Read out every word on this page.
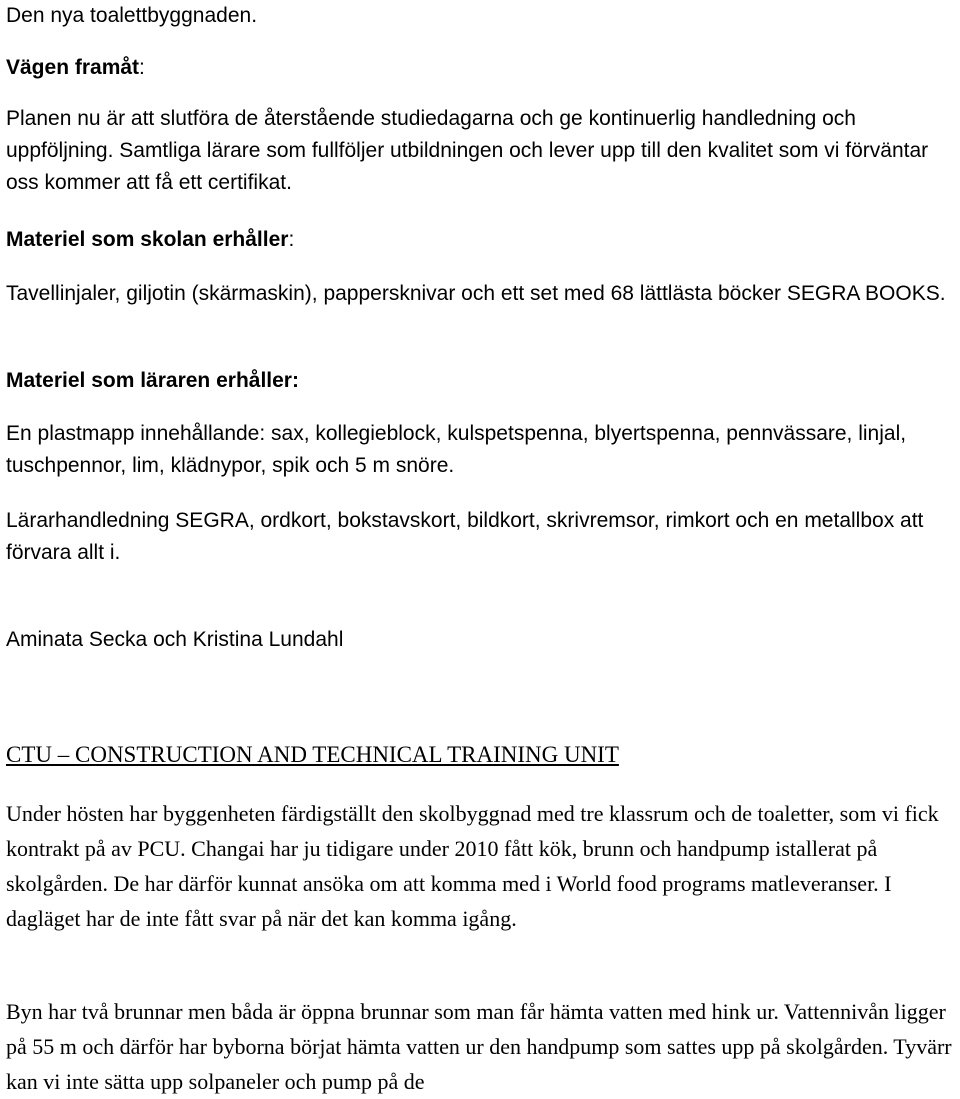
Den nya toalettbyggnaden.

Vägen framåt:

Planen nu är att slutföra de återstående studiedagarna och ge kontinuerlig handledning och uppföljning. Samtliga lärare som fullföljer utbildningen och lever upp till den kvalitet som vi förväntar oss kommer att få ett certifikat.

Materiel som skolan erhåller:

Tavellinjaler, giljotin (skärmaskin), pappersknivar och ett set med 68 lättlästa böcker SEGRA BOOKS.

Materiel som läraren erhåller:

En plastmapp innehållande: sax, kollegieblock, kulspetspenna, blyertspenna, pennvässare, linjal, tuschpennor, lim, klädnypor, spik och 5 m snöre.

Lärarhandledning SEGRA, ordkort, bokstavskort, bildkort, skrivremsor, rimkort och en metallbox att förvara allt i.

Aminata Secka och Kristina Lundahl

CTU – CONSTRUCTION AND TECHNICAL TRAINING UNIT

Under hösten har byggenheten färdigställt den skolbyggnad med tre klassrum och de toaletter, som vi fick kontrakt på av PCU. Changai har ju tidigare under 2010 fått kök, brunn och handpump istallerat på skolgården. De har därför kunnat ansöka om att komma med i World food programs matleveranser. I dagläget har de inte fått svar på när det kan komma igång.

Byn har två brunnar men båda är öppna brunnar som man får hämta vatten med hink ur. Vattennivån ligger på 55 m och därför har byborna börjat hämta vatten ur den handpump som sattes upp på skolgården. Tyvärr kan vi inte sätta upp solpaneler och pump på de
